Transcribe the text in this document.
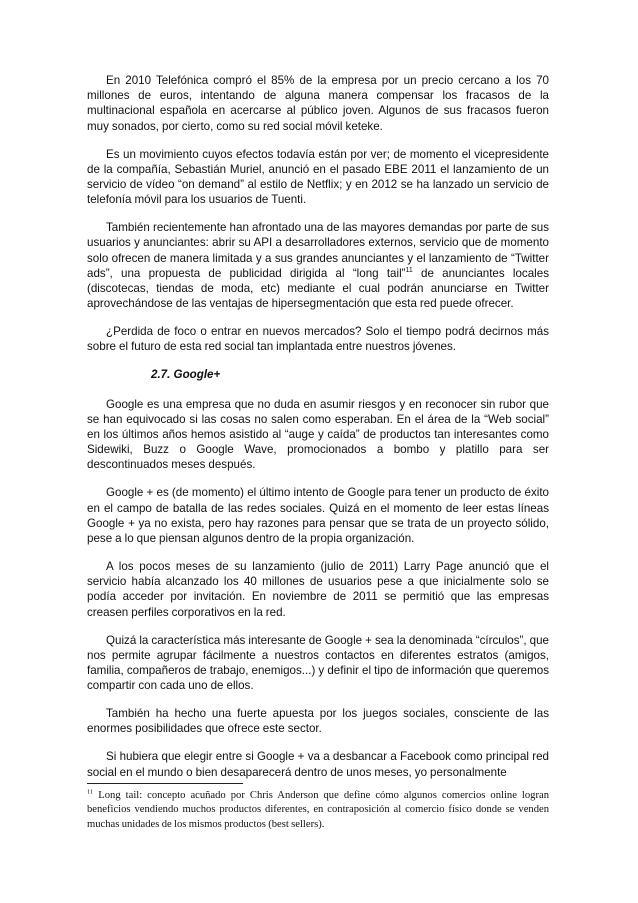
En 2010 Telefónica compró el 85% de la empresa por un precio cercano a los 70 millones de euros, intentando de alguna manera compensar los fracasos de la multinacional española en acercarse al público joven. Algunos de sus fracasos fueron muy sonados, por cierto, como su red social móvil keteke.

Es un movimiento cuyos efectos todavía están por ver; de momento el vicepresidente de la compañía, Sebastián Muriel, anunció en el pasado EBE 2011 el lanzamiento de un servicio de vídeo “on demand” al estilo de Netflix; y en 2012 se ha lanzado un servicio de telefonía móvil para los usuarios de Tuenti.

También recientemente han afrontado una de las mayores demandas por parte de sus usuarios y anunciantes: abrir su API a desarrolladores externos, servicio que de momento solo ofrecen de manera limitada y a sus grandes anunciantes y el lanzamiento de “Twitter ads”, una propuesta de publicidad dirigida al “long tail”$^{11}$ de anunciantes locales (discotecas, tiendas de moda, etc) mediante el cual podrán anunciarse en Twitter aprovechándose de las ventajas de hipersegmentación que esta red puede ofrecer.

¿Perdida de foco o entrar en nuevos mercados? Solo el tiempo podrá decirnos más sobre el futuro de esta red social tan implantada entre nuestros jóvenes.

2.7. Google+

Google es una empresa que no duda en asumir riesgos y en reconocer sin rubor que se han equivocado si las cosas no salen como esperaban. En el área de la “Web social” en los últimos años hemos asistido al “auge y caída” de productos tan interesantes como Sidewiki, Buzz o Google Wave, promocionados a bombo y platillo para ser descontinuados meses después.

Google + es (de momento) el último intento de Google para tener un producto de éxito en el campo de batalla de las redes sociales. Quizá en el momento de leer estas líneas Google + ya no exista, pero hay razones para pensar que se trata de un proyecto sólido, pese a lo que piensan algunos dentro de la propia organización.

A los pocos meses de su lanzamiento (julio de 2011) Larry Page anunció que el servicio había alcanzado los 40 millones de usuarios pese a que inicialmente solo se podía acceder por invitación. En noviembre de 2011 se permitió que las empresas creasen perfiles corporativos en la red.

Quizá la característica más interesante de Google + sea la denominada “círculos”, que nos permite agrupar fácilmente a nuestros contactos en diferentes estratos (amigos, familia, compañeros de trabajo, enemigos...) y definir el tipo de información que queremos compartir con cada uno de ellos.

También ha hecho una fuerte apuesta por los juegos sociales, consciente de las enormes posibilidades que ofrece este sector.

Si hubiera que elegir entre si Google + va a desbancar a Facebook como principal red social en el mundo o bien desaparecerá dentro de unos meses, yo personalmente

$^{11}$ Long tail: concepto acuñado por Chris Anderson que define cómo algunos comercios online logran beneficios vendiendo muchos productos diferentes, en contraposición al comercio físico donde se venden muchas unidades de los mismos productos (best sellers).
